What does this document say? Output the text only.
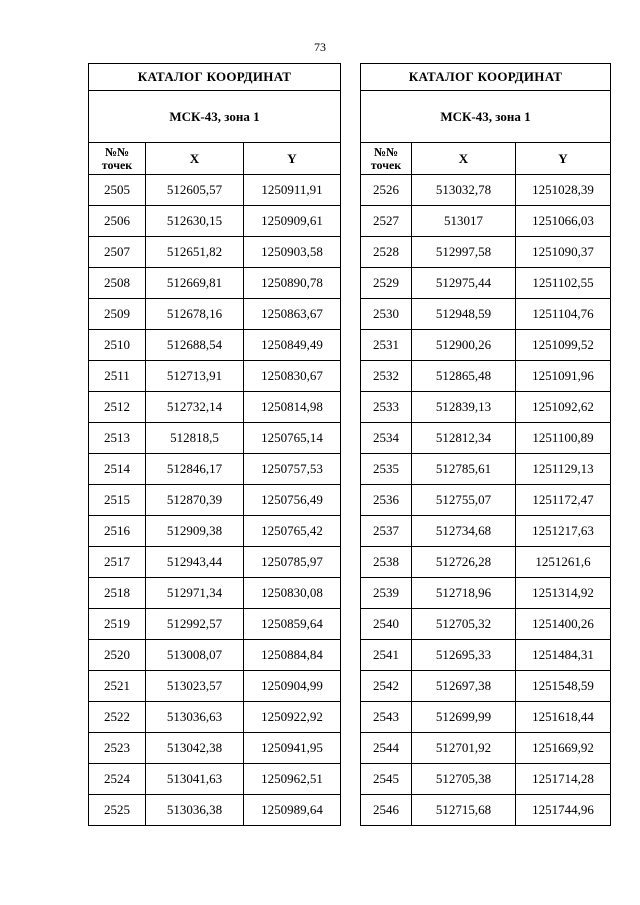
73
КАТАЛОГ КООРДИНАТ		
МСК-43, зона 1		
№№
точек	X	Y
2505	512605,57	1250911,91
2506	512630,15	1250909,61
2507	512651,82	1250903,58
2508	512669,81	1250890,78
2509	512678,16	1250863,67
2510	512688,54	1250849,49
2511	512713,91	1250830,67
2512	512732,14	1250814,98
2513	512818,5	1250765,14
2514	512846,17	1250757,53
2515	512870,39	1250756,49
2516	512909,38	1250765,42
2517	512943,44	1250785,97
2518	512971,34	1250830,08
2519	512992,57	1250859,64
2520	513008,07	1250884,84
2521	513023,57	1250904,99
2522	513036,63	1250922,92
2523	513042,38	1250941,95
2524	513041,63	1250962,51
2525	513036,38	1250989,64
КАТАЛОГ КООРДИНАТ		
МСК-43, зона 1		
№№
точек	X	Y
2526	513032,78	1251028,39
2527	513017	1251066,03
2528	512997,58	1251090,37
2529	512975,44	1251102,55
2530	512948,59	1251104,76
2531	512900,26	1251099,52
2532	512865,48	1251091,96
2533	512839,13	1251092,62
2534	512812,34	1251100,89
2535	512785,61	1251129,13
2536	512755,07	1251172,47
2537	512734,68	1251217,63
2538	512726,28	1251261,6
2539	512718,96	1251314,92
2540	512705,32	1251400,26
2541	512695,33	1251484,31
2542	512697,38	1251548,59
2543	512699,99	1251618,44
2544	512701,92	1251669,92
2545	512705,38	1251714,28
2546	512715,68	1251744,96
